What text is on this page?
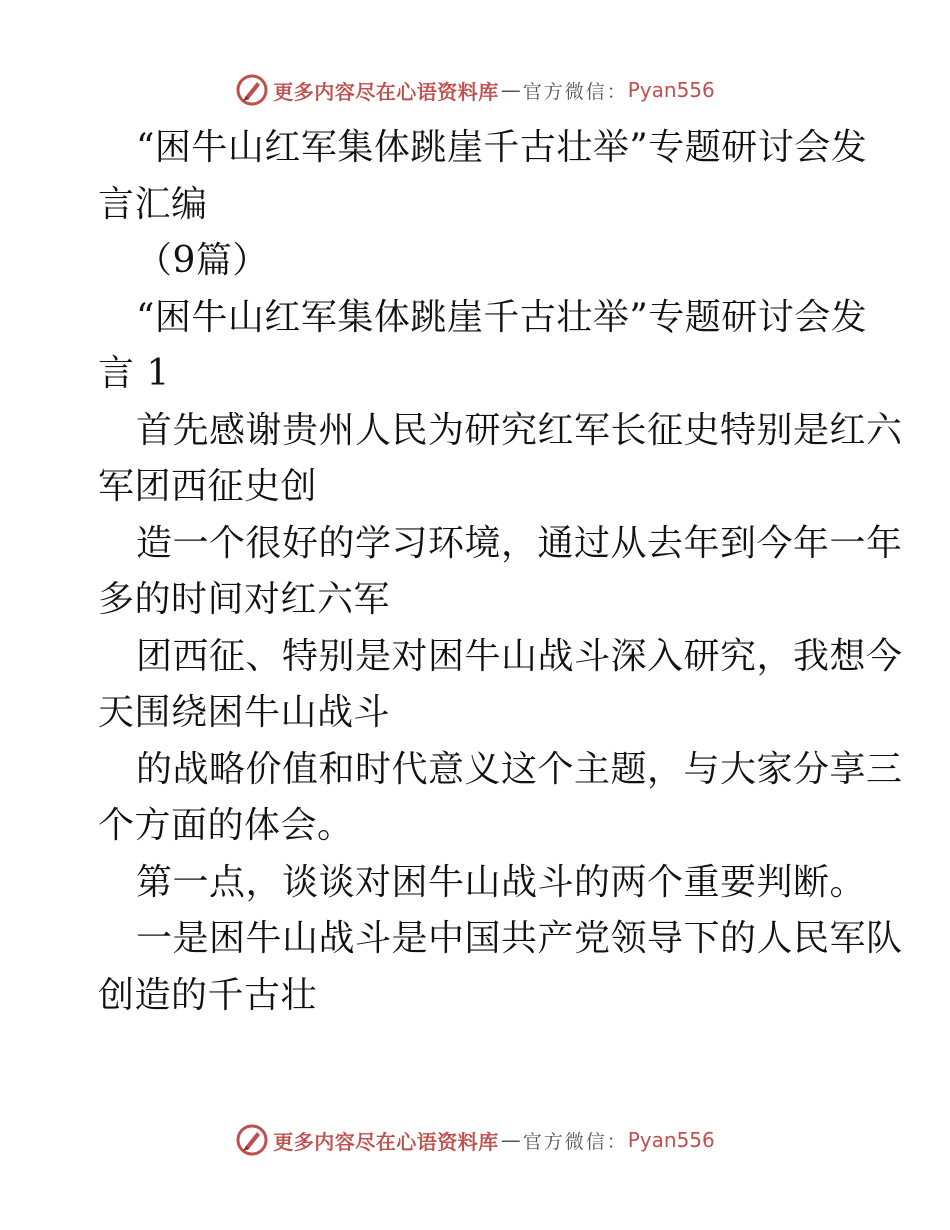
更多内容尽在心语资料库 — 官方微信： Pyan556
“困牛山红军集体跳崖千古壮举”专题研讨会发
言汇编
（9篇）
“困牛山红军集体跳崖千古壮举”专题研讨会发
言 1
首先感谢贵州人民为研究红军长征史特别是红六
军团西征史创
造一个很好的学习环境，通过从去年到今年一年
多的时间对红六军
团西征、特别是对困牛山战斗深入研究，我想今
天围绕困牛山战斗
的战略价值和时代意义这个主题，与大家分享三
个方面的体会。
第一点，谈谈对困牛山战斗的两个重要判断。
一是困牛山战斗是中国共产党领导下的人民军队
创造的千古壮
更多内容尽在心语资料库 — 官方微信： Pyan556
